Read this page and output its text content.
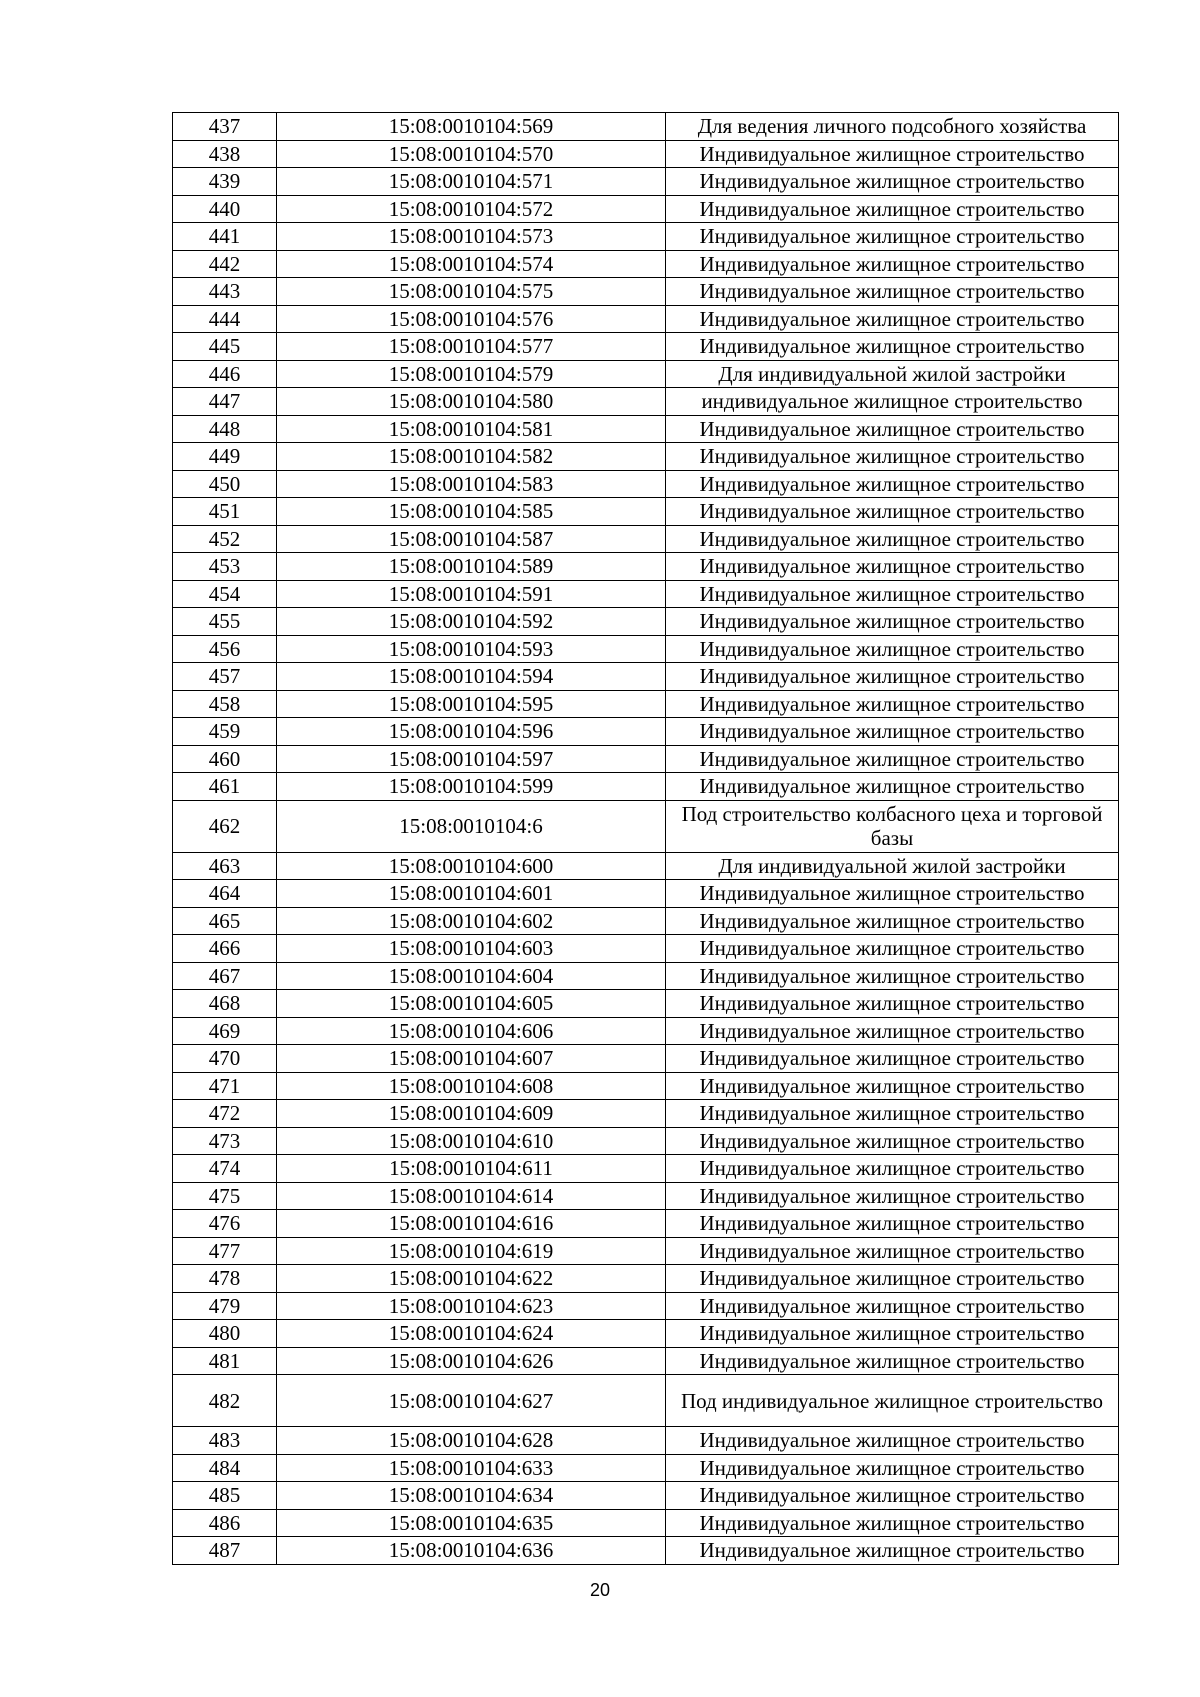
437	15:08:0010104:569	Для ведения личного подсобного хозяйства
438	15:08:0010104:570	Индивидуальное жилищное строительство
439	15:08:0010104:571	Индивидуальное жилищное строительство
440	15:08:0010104:572	Индивидуальное жилищное строительство
441	15:08:0010104:573	Индивидуальное жилищное строительство
442	15:08:0010104:574	Индивидуальное жилищное строительство
443	15:08:0010104:575	Индивидуальное жилищное строительство
444	15:08:0010104:576	Индивидуальное жилищное строительство
445	15:08:0010104:577	Индивидуальное жилищное строительство
446	15:08:0010104:579	Для индивидуальной жилой застройки
447	15:08:0010104:580	индивидуальное жилищное строительство
448	15:08:0010104:581	Индивидуальное жилищное строительство
449	15:08:0010104:582	Индивидуальное жилищное строительство
450	15:08:0010104:583	Индивидуальное жилищное строительство
451	15:08:0010104:585	Индивидуальное жилищное строительство
452	15:08:0010104:587	Индивидуальное жилищное строительство
453	15:08:0010104:589	Индивидуальное жилищное строительство
454	15:08:0010104:591	Индивидуальное жилищное строительство
455	15:08:0010104:592	Индивидуальное жилищное строительство
456	15:08:0010104:593	Индивидуальное жилищное строительство
457	15:08:0010104:594	Индивидуальное жилищное строительство
458	15:08:0010104:595	Индивидуальное жилищное строительство
459	15:08:0010104:596	Индивидуальное жилищное строительство
460	15:08:0010104:597	Индивидуальное жилищное строительство
461	15:08:0010104:599	Индивидуальное жилищное строительство
462	15:08:0010104:6	Под строительство колбасного цеха и торговой базы
463	15:08:0010104:600	Для индивидуальной жилой застройки
464	15:08:0010104:601	Индивидуальное жилищное строительство
465	15:08:0010104:602	Индивидуальное жилищное строительство
466	15:08:0010104:603	Индивидуальное жилищное строительство
467	15:08:0010104:604	Индивидуальное жилищное строительство
468	15:08:0010104:605	Индивидуальное жилищное строительство
469	15:08:0010104:606	Индивидуальное жилищное строительство
470	15:08:0010104:607	Индивидуальное жилищное строительство
471	15:08:0010104:608	Индивидуальное жилищное строительство
472	15:08:0010104:609	Индивидуальное жилищное строительство
473	15:08:0010104:610	Индивидуальное жилищное строительство
474	15:08:0010104:611	Индивидуальное жилищное строительство
475	15:08:0010104:614	Индивидуальное жилищное строительство
476	15:08:0010104:616	Индивидуальное жилищное строительство
477	15:08:0010104:619	Индивидуальное жилищное строительство
478	15:08:0010104:622	Индивидуальное жилищное строительство
479	15:08:0010104:623	Индивидуальное жилищное строительство
480	15:08:0010104:624	Индивидуальное жилищное строительство
481	15:08:0010104:626	Индивидуальное жилищное строительство
482	15:08:0010104:627	Под индивидуальное жилищное строительство
483	15:08:0010104:628	Индивидуальное жилищное строительство
484	15:08:0010104:633	Индивидуальное жилищное строительство
485	15:08:0010104:634	Индивидуальное жилищное строительство
486	15:08:0010104:635	Индивидуальное жилищное строительство
487	15:08:0010104:636	Индивидуальное жилищное строительство
20
